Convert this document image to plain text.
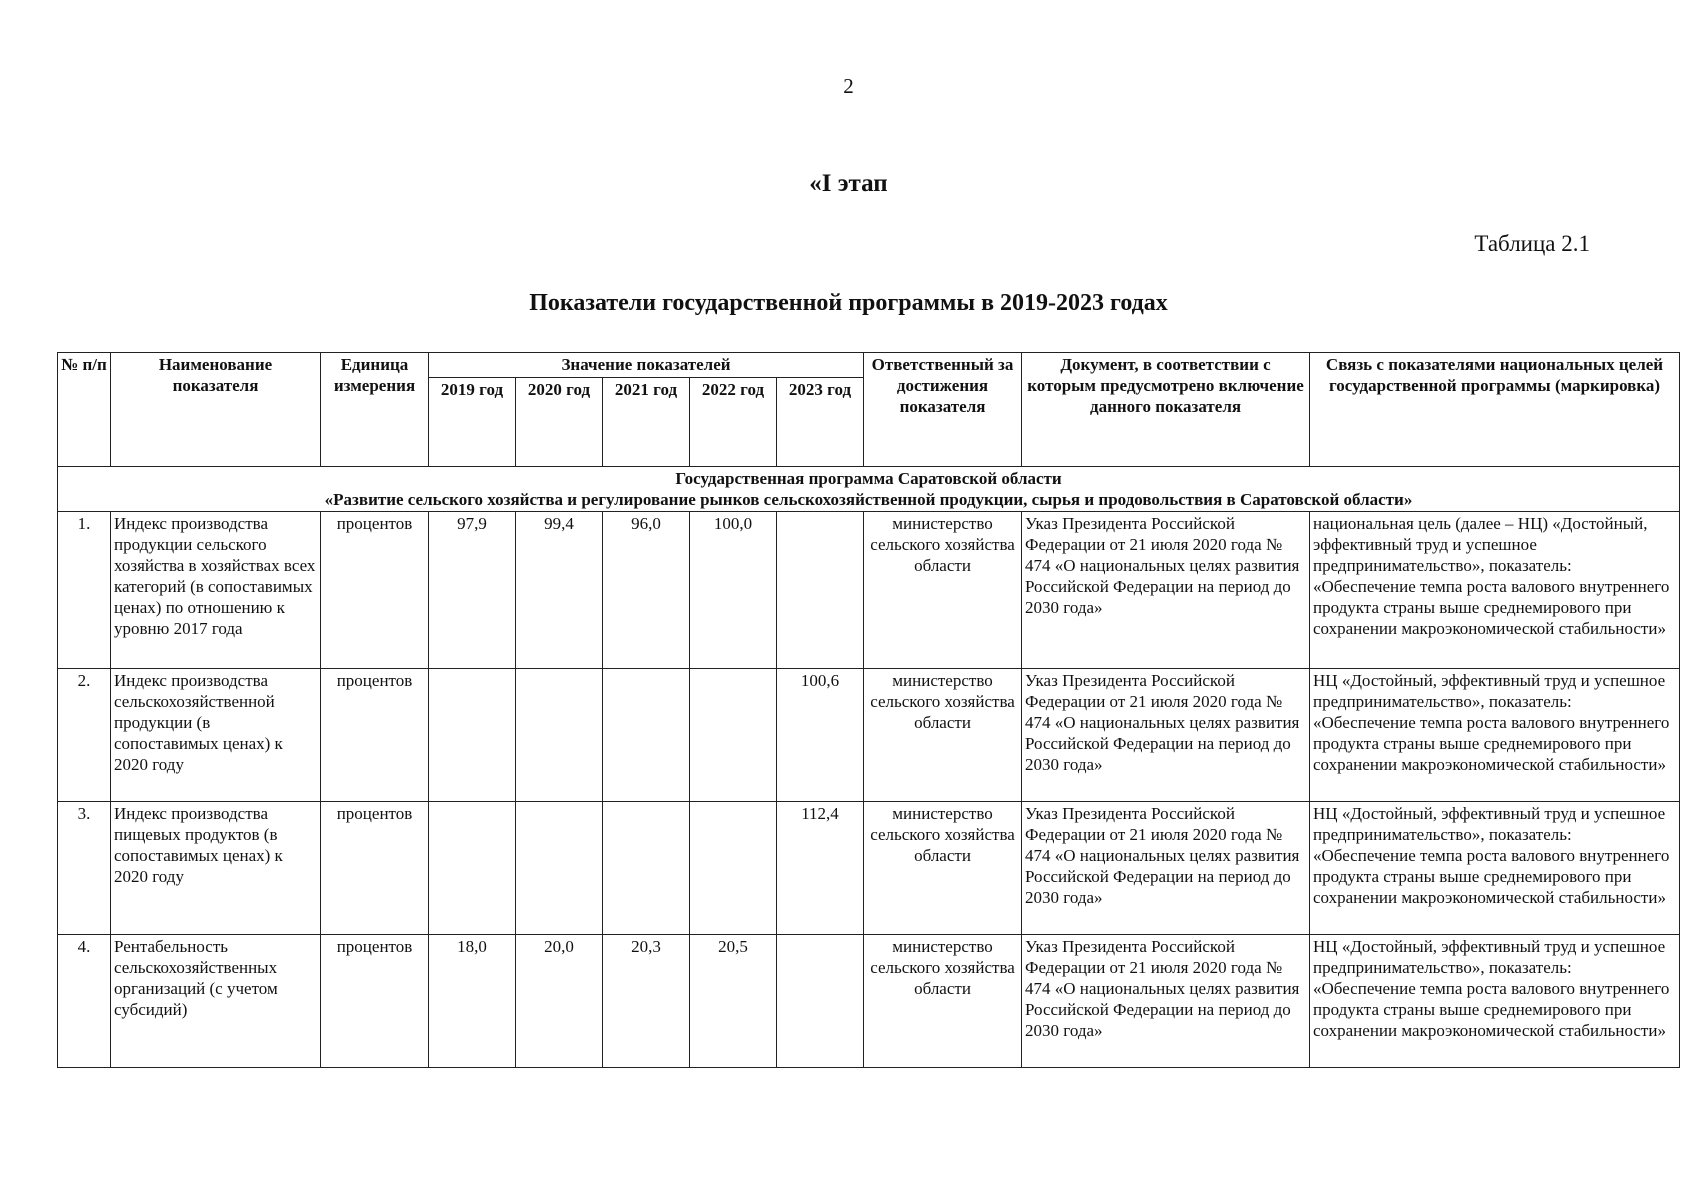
2
«I этап
Таблица 2.1
Показатели государственной программы в 2019-2023 годах
№ п/п	Наименование показателя	Единица измерения	Значение показателей					Ответственный за достижения показателя	Документ, в соответствии с которым предусмотрено включение данного показателя	Связь с показателями национальных целей государственной программы (маркировка)
			2019 год	2020 год	2021 год	2022 год	2023 год			

Государственная программа Саратовской области
«Развитие сельского хозяйства и регулирование рынков сельскохозяйственной продукции, сырья и продовольствия в Саратовской области»										

1.	Индекс производства продукции сельского хозяйства в хозяйствах всех категорий (в сопоставимых ценах) по отношению к уровню 2017 года	процентов	97,9	99,4	96,0	100,0		министерство сельского хозяйства области	Указ Президента Российской Федерации от 21 июля 2020 года № 474 «О национальных целях развития Российской Федерации на период до 2030 года»	национальная цель (далее – НЦ) «Достойный, эффективный труд и успешное предпринимательство», показатель: «Обеспечение темпа роста валового внутреннего продукта страны выше среднемирового при сохранении макроэкономической стабильности»
2.	Индекс производства сельскохозяйственной продукции (в сопоставимых ценах) к 2020 году	процентов					100,6	министерство сельского хозяйства области	Указ Президента Российской Федерации от 21 июля 2020 года № 474 «О национальных целях развития Российской Федерации на период до 2030 года»	НЦ «Достойный, эффективный труд и успешное предпринимательство», показатель: «Обеспечение темпа роста валового внутреннего продукта страны выше среднемирового при сохранении макроэкономической стабильности»
3.	Индекс производства пищевых продуктов (в сопоставимых ценах) к 2020 году	процентов					112,4	министерство сельского хозяйства области	Указ Президента Российской Федерации от 21 июля 2020 года № 474 «О национальных целях развития Российской Федерации на период до 2030 года»	НЦ «Достойный, эффективный труд и успешное предпринимательство», показатель: «Обеспечение темпа роста валового внутреннего продукта страны выше среднемирового при сохранении макроэкономической стабильности»
4.	Рентабельность сельскохозяйственных организаций (с учетом субсидий)	процентов	18,0	20,0	20,3	20,5		министерство сельского хозяйства области	Указ Президента Российской Федерации от 21 июля 2020 года № 474 «О национальных целях развития Российской Федерации на период до 2030 года»	НЦ «Достойный, эффективный труд и успешное предпринимательство», показатель: «Обеспечение темпа роста валового внутреннего продукта страны выше среднемирового при сохранении макроэкономической стабильности»
